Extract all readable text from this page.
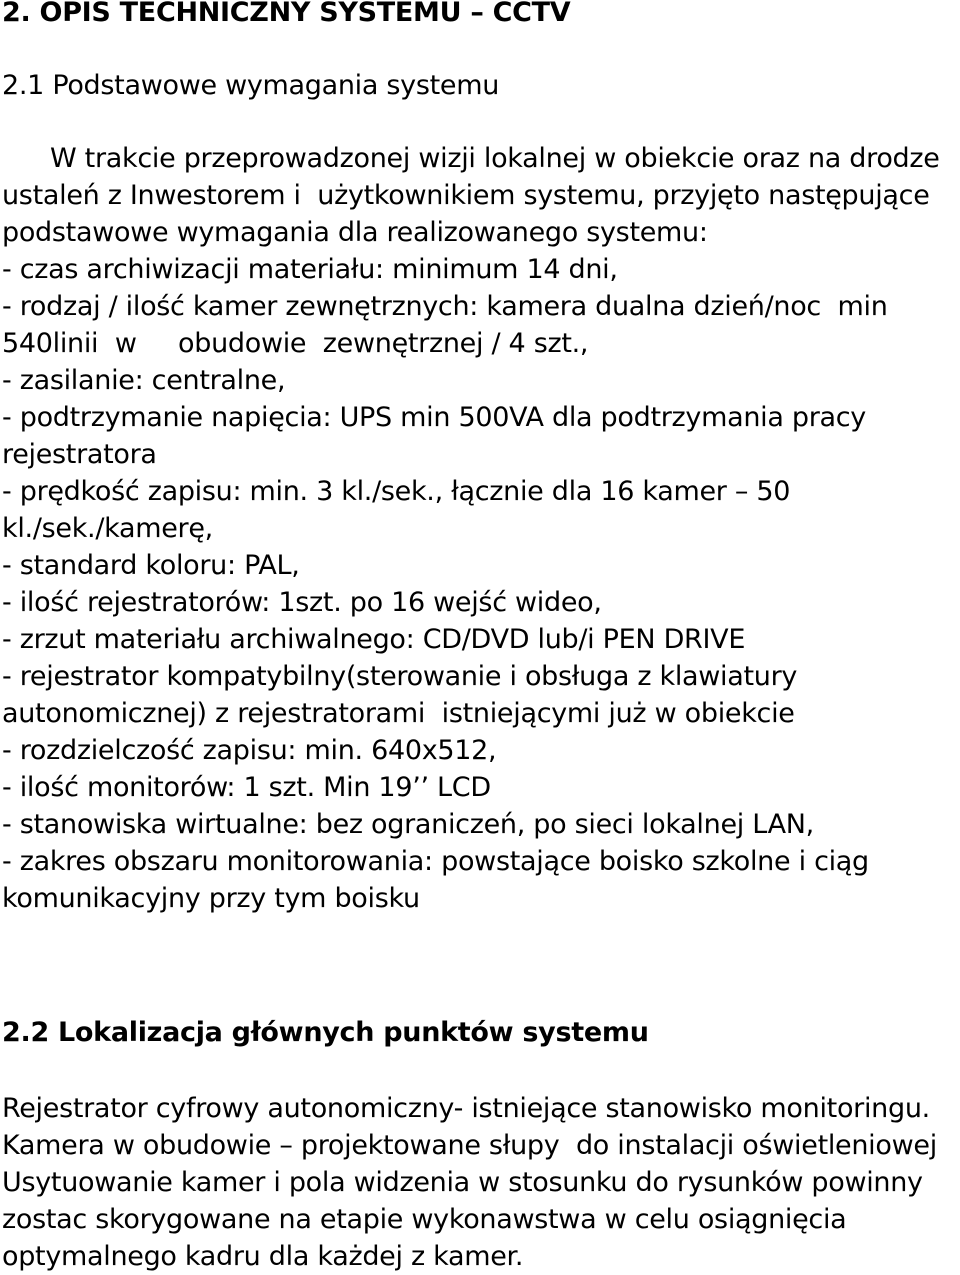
2. OPIS TECHNICZNY SYSTEMU – CCTV
2.1 Podstawowe wymagania systemu
W trakcie przeprowadzonej wizji lokalnej w obiekcie oraz na drodze
ustaleń z Inwestorem i  użytkownikiem systemu, przyjęto następujące
podstawowe wymagania dla realizowanego systemu:
- czas archiwizacji materiału: minimum 14 dni,
- rodzaj / ilość kamer zewnętrznych: kamera dualna dzień/noc  min
540linii  w     obudowie  zewnętrznej / 4 szt.,
- zasilanie: centralne,
- podtrzymanie napięcia: UPS min 500VA dla podtrzymania pracy
rejestratora
- prędkość zapisu: min. 3 kl./sek., łącznie dla 16 kamer – 50
kl./sek./kamerę,
- standard koloru: PAL,
- ilość rejestratorów: 1szt. po 16 wejść wideo,
- zrzut materiału archiwalnego: CD/DVD lub/i PEN DRIVE
- rejestrator kompatybilny(sterowanie i obsługa z klawiatury
autonomicznej) z rejestratorami  istniejącymi już w obiekcie
- rozdzielczość zapisu: min. 640x512,
- ilość monitorów: 1 szt. Min 19’’ LCD
- stanowiska wirtualne: bez ograniczeń, po sieci lokalnej LAN,
- zakres obszaru monitorowania: powstające boisko szkolne i ciąg
komunikacyjny przy tym boisku
2.2 Lokalizacja głównych punktów systemu
Rejestrator cyfrowy autonomiczny- istniejące stanowisko monitoringu.
Kamera w obudowie – projektowane słupy  do instalacji oświetleniowej
Usytuowanie kamer i pola widzenia w stosunku do rysunków powinny
zostac skorygowane na etapie wykonawstwa w celu osiągnięcia
optymalnego kadru dla każdej z kamer.
